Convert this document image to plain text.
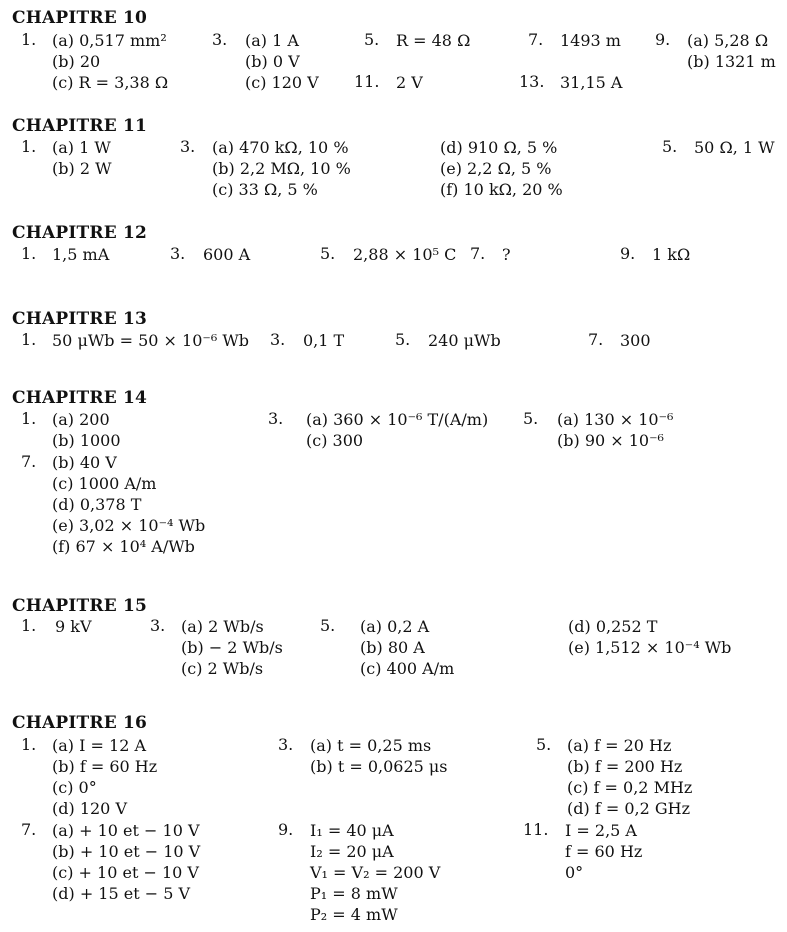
CHAPITRE 10
1. (a) 0,517 mm²
(b) 20
(c) R = 3,38 Ω
3. (a) 1 A
(b) 0 V
(c) 120 V
5. R = 48 Ω	7. 1493 m 9. (a) 5,28 Ω
(b) 1321 m
11. 2 V	13. 31,15 A
CHAPITRE 11
1. (a) 1 W
(b) 2 W
3. (a) 470 kΩ, 10 %
(b) 2,2 MΩ, 10 %
(c) 33 Ω, 5 %
(d) 910 Ω, 5 %
(e) 2,2 Ω, 5 %
(f) 10 kΩ, 20 %
5. 50 Ω, 1 W
CHAPITRE 12
1. 1,5 mA	3. 600 A	5. 2,88 × 10⁵ C 7. ?	9. 1 kΩ
CHAPITRE 13
1. 50 μWb = 50 × 10⁻⁶ Wb 3. 0,1 T	5. 240 μWb	7. 300
CHAPITRE 14
1. (a) 200
(b) 1000
3. (a) 360 × 10⁻⁶ T/(A/m)
(c) 300
5. (a) 130 × 10⁻⁶
(b) 90 × 10⁻⁶
7. (b) 40 V
(c) 1000 A/m
(d) 0,378 T
(e) 3,02 × 10⁻⁴ Wb
(f) 67 × 10⁴ A/Wb
CHAPITRE 15
1. 9 kV	3. (a) 2 Wb/s
(b) − 2 Wb/s
(c) 2 Wb/s
5. (a) 0,2 A
(b) 80 A
(c) 400 A/m
(d) 0,252 T
(e) 1,512 × 10⁻⁴ Wb
CHAPITRE 16
1. (a) I = 12 A
(b) f = 60 Hz
(c) 0°
(d) 120 V
3. (a) t = 0,25 ms
(b) t = 0,0625 μs
5. (a) f = 20 Hz
(b) f = 200 Hz
(c) f = 0,2 MHz
(d) f = 0,2 GHz
7. (a) + 10 et − 10 V
(b) + 10 et − 10 V
(c) + 10 et − 10 V
(d) + 15 et − 5 V
9. I₁ = 40 μA
I₂ = 20 μA
V₁ = V₂ = 200 V
P₁ = 8 mW
P₂ = 4 mW
11. I = 2,5 A
f = 60 Hz
0°
